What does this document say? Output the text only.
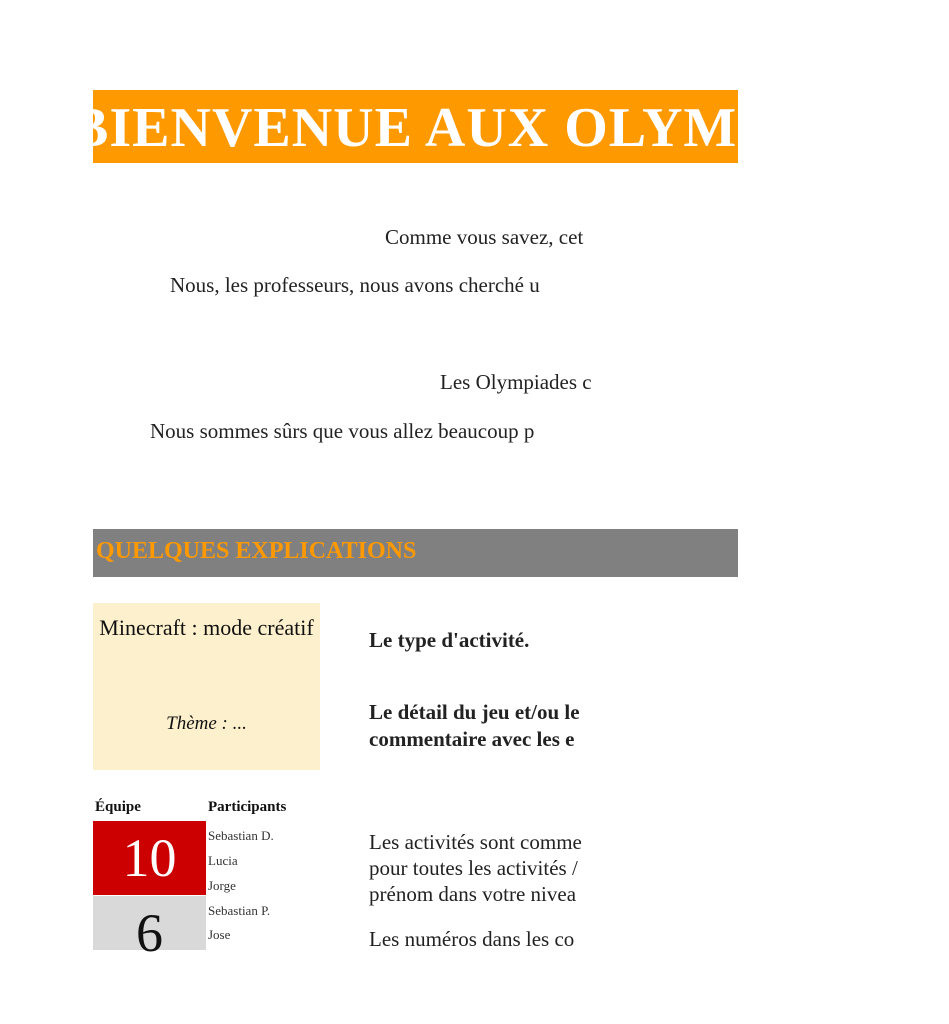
BIENVENUE AUX OLYMPIADES
Comme vous savez, cet
Nous, les professeurs, nous avons cherché u
Les Olympiades c
Nous sommes sûrs que vous allez beaucoup p
QUELQUES EXPLICATIONS
Minecraft : mode créatif
Thème : ...
Le type d'activité.
Le détail du jeu et/ou le
commentaire avec les e
Les activités sont comme
pour toutes les activités /
prénom dans votre nivea
Les numéros dans les co
Équipe	Participants
10
6
Sebastian D.
Lucia
Jorge
Sebastian P.
Jose
